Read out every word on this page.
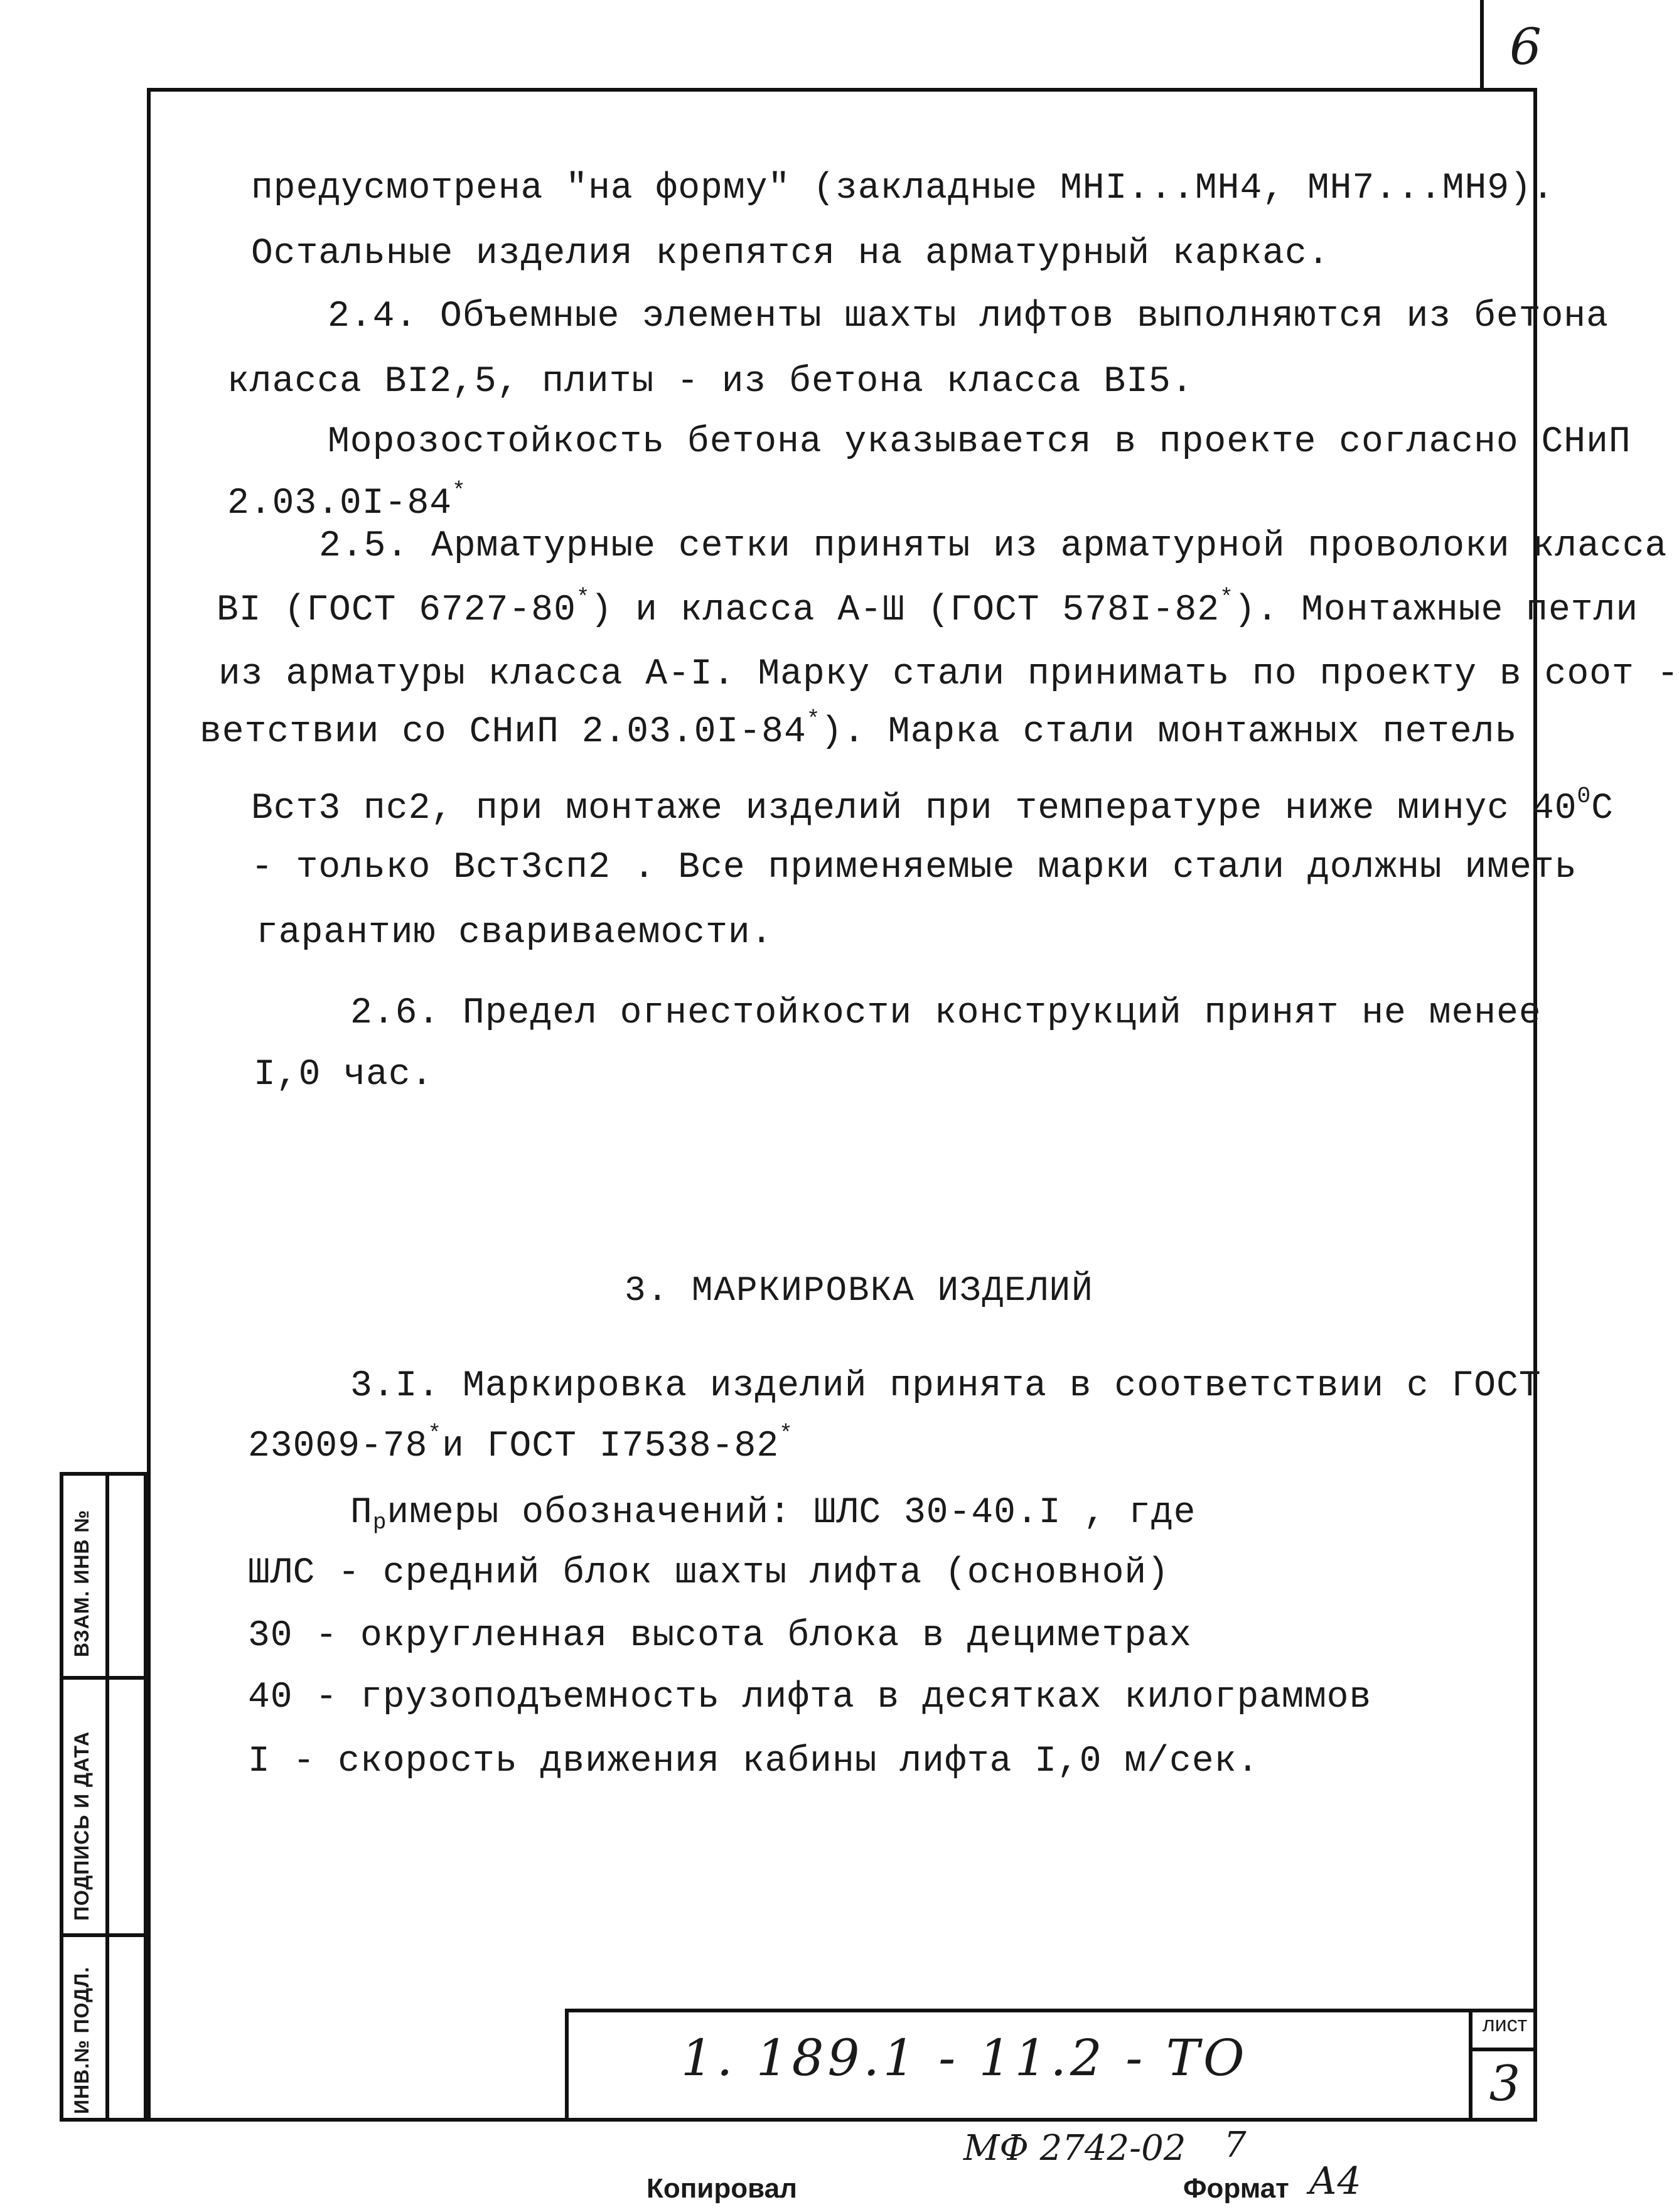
6
предусмотрена "на форму" (закладные МНI...МН4, МН7...МН9).
Остальные изделия крепятся на арматурный каркас.
2.4. Объемные элементы шахты лифтов выполняются из бетона
класса ВI2,5, плиты - из бетона класса ВI5.
Морозостойкость бетона указывается в проекте согласно СНиП
2.03.0I-84*
2.5. Арматурные сетки приняты из арматурной проволоки класса
ВI (ГОСТ 6727-80*) и класса А-Ш (ГОСТ 578I-82*). Монтажные петли
из арматуры класса А-I. Марку стали принимать по проекту в соот -
ветствии со СНиП 2.03.0I-84*). Марка стали монтажных петель
Вст3 пс2, при монтаже изделий при температуре ниже минус $40^0С$
- только Вст3сп2 . Все применяемые марки стали должны иметь
гарантию свариваемости.
2.6. Предел огнестойкости конструкций принят не менее
I,0 час.
3. МАРКИРОВКА ИЗДЕЛИЙ
3.I. Маркировка изделий принята в соответствии с ГОСТ
23009-78*и ГОСТ I7538-82*
$П_римеры$ обозначений: ШЛС 30-40.I , где
ШЛС - средний блок шахты лифта (основной)
30 - округленная высота блока в дециметрах
40 - грузоподъемность лифта в десятках килограммов
I - скорость движения кабины лифта I,0 м/сек.
ИНВ.№ ПОДЛ.
ПОДПИСЬ И ДАТА
ВЗАМ. ИНВ №
1. 189.1 - 11.2 - ТО
лист
3
МФ 2742-02 7
Копировал	Формат А4
